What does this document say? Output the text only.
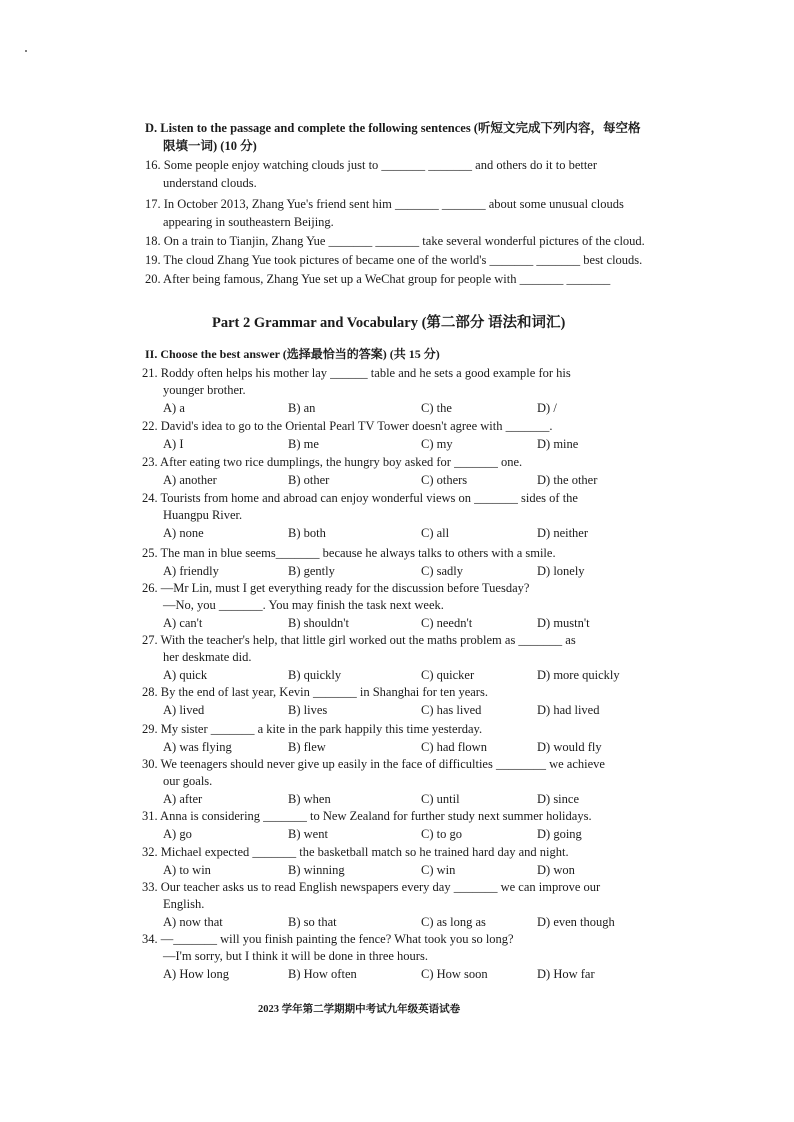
D. Listen to the passage and complete the following sentences (听短文完成下列内容，每空格
限填一词) (10 分)
16. Some people enjoy watching clouds just to _______ _______ and others do it to better
understand clouds.
17. In October 2013, Zhang Yue's friend sent him _______ _______ about some unusual clouds
appearing in southeastern Beijing.
18. On a train to Tianjin, Zhang Yue _______ _______ take several wonderful pictures of the cloud.
19. The cloud Zhang Yue took pictures of became one of the world's _______ _______ best clouds.
20. After being famous, Zhang Yue set up a WeChat group for people with _______ _______
Part 2 Grammar and Vocabulary (第二部分 语法和词汇)
II. Choose the best answer (选择最恰当的答案) (共 15 分)
21. Roddy often helps his mother lay ______ table and he sets a good example for his
younger brother.
A) a	B) an	C) the	D) /
22. David's idea to go to the Oriental Pearl TV Tower doesn't agree with _______.
A) I	B) me	C) my	D) mine
23. After eating two rice dumplings, the hungry boy asked for _______ one.
A) another	B) other	C) others	D) the other
24. Tourists from home and abroad can enjoy wonderful views on _______ sides of the
Huangpu River.
A) none	B) both	C) all	D) neither
25. The man in blue seems_______ because he always talks to others with a smile.
A) friendly	B) gently	C) sadly	D) lonely
26. —Mr Lin, must I get everything ready for the discussion before Tuesday?
—No, you _______. You may finish the task next week.
A) can't	B) shouldn't	C) needn't	D) mustn't
27. With the teacher's help, that little girl worked out the maths problem as _______ as
her deskmate did.
A) quick	B) quickly	C) quicker	D) more quickly
28. By the end of last year, Kevin _______ in Shanghai for ten years.
A) lived	B) lives	C) has lived	D) had lived
29. My sister _______ a kite in the park happily this time yesterday.
A) was flying	B) flew	C) had flown	D) would fly
30. We teenagers should never give up easily in the face of difficulties ________ we achieve
our goals.
A) after	B) when	C) until	D) since
31. Anna is considering _______ to New Zealand for further study next summer holidays.
A) go	B) went	C) to go	D) going
32. Michael expected _______ the basketball match so he trained hard day and night.
A) to win	B) winning	C) win	D) won
33. Our teacher asks us to read English newspapers every day _______ we can improve our
English.
A) now that	B) so that	C) as long as	D) even though
34. —_______ will you finish painting the fence? What took you so long?
—I'm sorry, but I think it will be done in three hours.
A) How long	B) How often	C) How soon	D) How far
2023 学年第二学期期中考试九年级英语试卷
